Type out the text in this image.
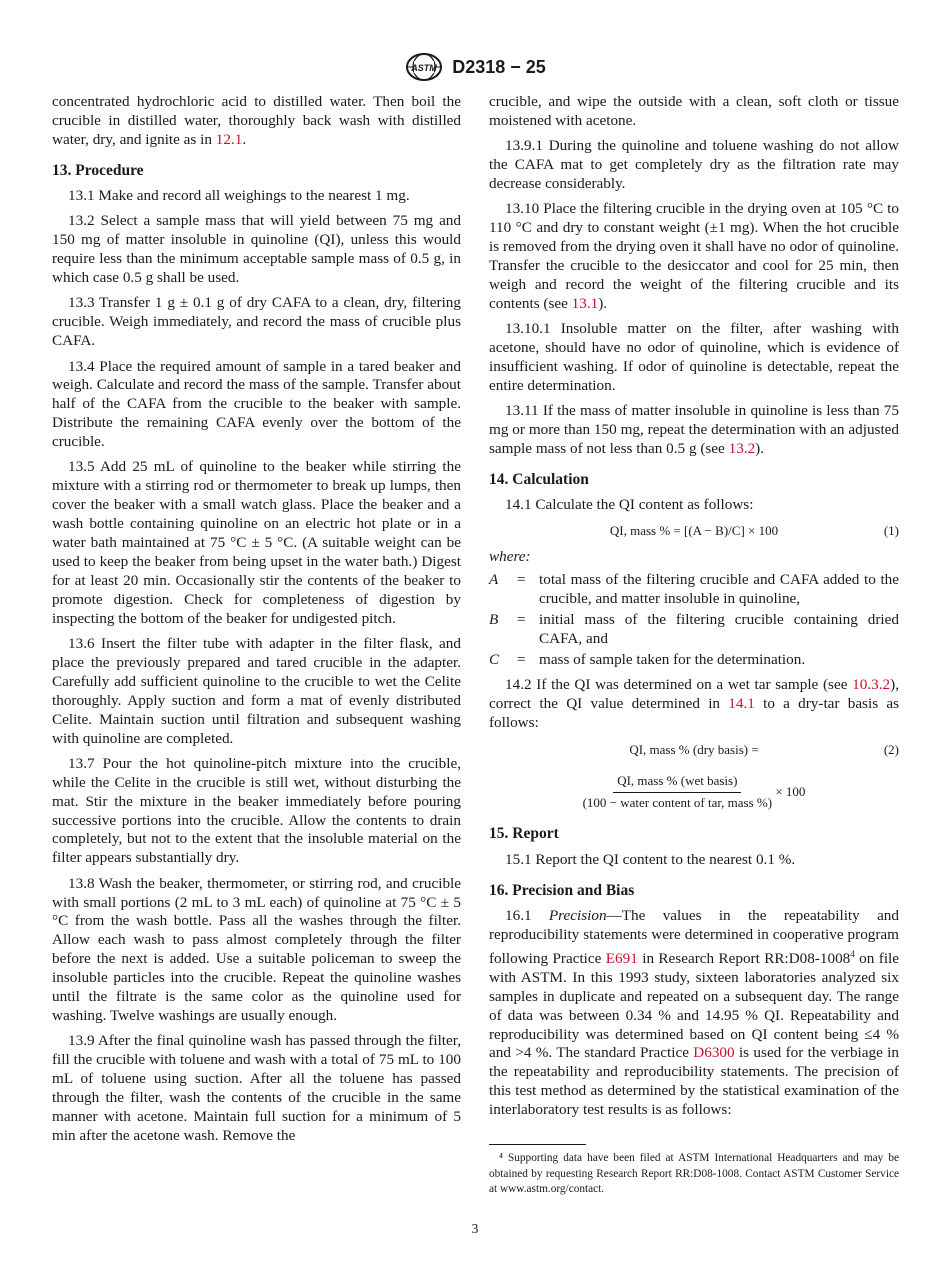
ASTM D2318 − 25

concentrated hydrochloric acid to distilled water. Then boil the crucible in distilled water, thoroughly back wash with distilled water, dry, and ignite as in 12.1.

13. Procedure

13.1 Make and record all weighings to the nearest 1 mg.

13.2 Select a sample mass that will yield between 75 mg and 150 mg of matter insoluble in quinoline (QI), unless this would require less than the minimum acceptable sample mass of 0.5 g, in which case 0.5 g shall be used.

13.3 Transfer 1 g ± 0.1 g of dry CAFA to a clean, dry, filtering crucible. Weigh immediately, and record the mass of crucible plus CAFA.

13.4 Place the required amount of sample in a tared beaker and weigh. Calculate and record the mass of the sample. Transfer about half of the CAFA from the crucible to the beaker with sample. Distribute the remaining CAFA evenly over the bottom of the crucible.

13.5 Add 25 mL of quinoline to the beaker while stirring the mixture with a stirring rod or thermometer to break up lumps, then cover the beaker with a small watch glass. Place the beaker and a wash bottle containing quinoline on an electric hot plate or in a water bath maintained at 75 °C ± 5 °C. (A suitable weight can be used to keep the beaker from being upset in the water bath.) Digest for at least 20 min. Occasionally stir the contents of the beaker to promote digestion. Check for completeness of digestion by inspecting the bottom of the beaker for undigested pitch.

13.6 Insert the filter tube with adapter in the filter flask, and place the previously prepared and tared crucible in the adapter. Carefully add sufficient quinoline to the crucible to wet the Celite thoroughly. Apply suction and form a mat of evenly distributed Celite. Maintain suction until filtration and subsequent washing with quinoline are completed.

13.7 Pour the hot quinoline-pitch mixture into the crucible, while the Celite in the crucible is still wet, without disturbing the mat. Stir the mixture in the beaker immediately before pouring successive portions into the crucible. Allow the contents to drain completely, but not to the extent that the insoluble material on the filter appears substantially dry.

13.8 Wash the beaker, thermometer, or stirring rod, and crucible with small portions (2 mL to 3 mL each) of quinoline at 75 °C ± 5 °C from the wash bottle. Pass all the washes through the filter. Allow each wash to pass almost completely through the filter before the next is added. Use a suitable policeman to sweep the insoluble particles into the crucible. Repeat the quinoline washes until the filtrate is the same color as the quinoline used for washing. Twelve washings are usually enough.

13.9 After the final quinoline wash has passed through the filter, fill the crucible with toluene and wash with a total of 75 mL to 100 mL of toluene using suction. After all the toluene has passed through the filter, wash the contents of the crucible in the same manner with acetone. Maintain full suction for a minimum of 5 min after the acetone wash. Remove the

crucible, and wipe the outside with a clean, soft cloth or tissue moistened with acetone.

13.9.1 During the quinoline and toluene washing do not allow the CAFA mat to get completely dry as the filtration rate may decrease considerably.

13.10 Place the filtering crucible in the drying oven at 105 °C to 110 °C and dry to constant weight (±1 mg). When the hot crucible is removed from the drying oven it shall have no odor of quinoline. Transfer the crucible to the desiccator and cool for 25 min, then weigh and record the weight of the filtering crucible and its contents (see 13.1).

13.10.1 Insoluble matter on the filter, after washing with acetone, should have no odor of quinoline, which is evidence of insufficient washing. If odor of quinoline is detectable, repeat the entire determination.

13.11 If the mass of matter insoluble in quinoline is less than 75 mg or more than 150 mg, repeat the determination with an adjusted sample mass of not less than 0.5 g (see 13.2).

14. Calculation

14.1 Calculate the QI content as follows:

QI, mass % = [(A − B)/C] × 100	(1)
where:
A	= total mass of the filtering crucible and CAFA added to the crucible, and matter insoluble in quinoline,
B	= initial mass of the filtering crucible containing dried CAFA, and
C	= mass of sample taken for the determination.

14.2 If the QI was determined on a wet tar sample (see 10.3.2), correct the QI value determined in 14.1 to a dry-tar basis as follows:

QI, mass % (dry basis) =	(2)
$\frac{\text{QI, mass \% (wet basis)}}{\text{(100 − water content of tar, mass \%)}} \times 100$
15. Report

15.1 Report the QI content to the nearest 0.1 %.

16. Precision and Bias

16.1 Precision—The values in the repeatability and reproducibility statements were determined in cooperative program following Practice E691 in Research Report RR:D08-1008$^4$ on file with ASTM. In this 1993 study, sixteen laboratories analyzed six samples in duplicate and repeated on a subsequent day. The range of data was between 0.34 % and 14.95 % QI. Repeatability and reproducibility was determined based on QI content being ≤4 % and >4 %. The standard Practice D6300 is used for the verbiage in the repeatability and reproducibility statements. The precision of this test method as determined by the statistical examination of the interlaboratory test results is as follows:

⁴ Supporting data have been filed at ASTM International Headquarters and may be obtained by requesting Research Report RR:D08-1008. Contact ASTM Customer Service at www.astm.org/contact.
3
